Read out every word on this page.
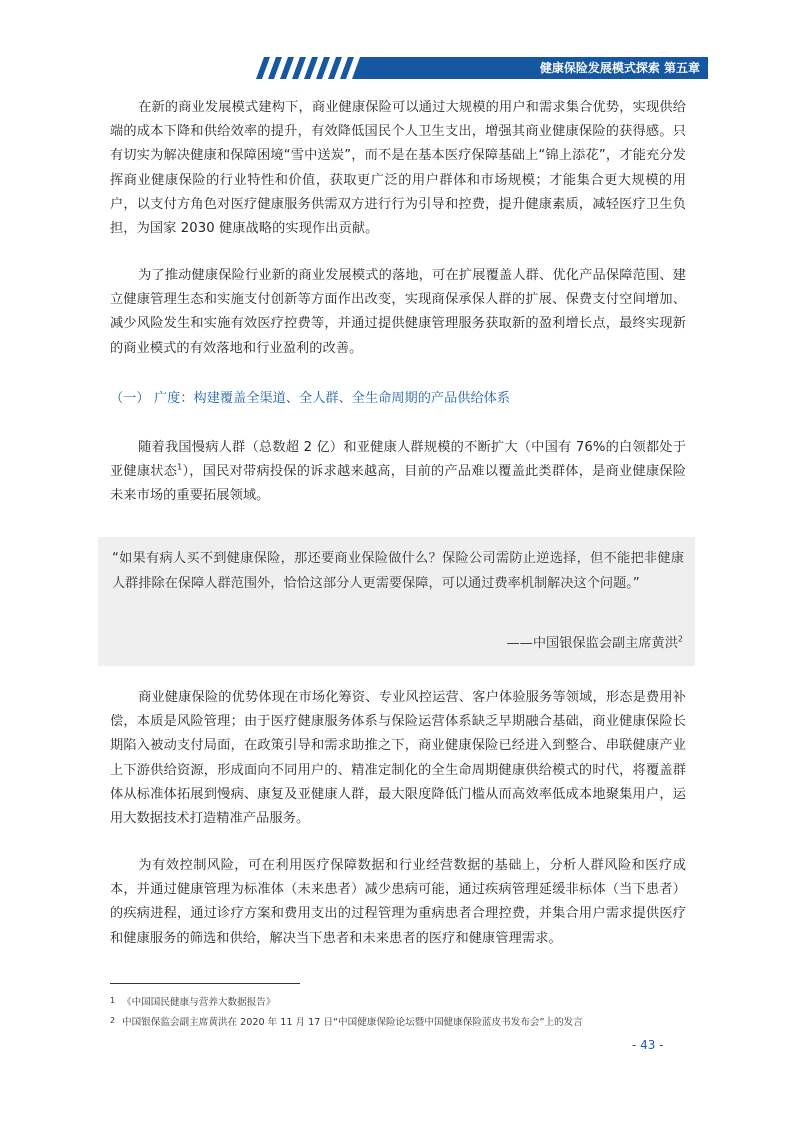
健康保险发展模式探索 第五章

在新的商业发展模式建构下，商业健康保险可以通过大规模的用户和需求集合优势，实现供给端的成本下降和供给效率的提升，有效降低国民个人卫生支出，增强其商业健康保险的获得感。只有切实为解决健康和保障困境“雪中送炭”，而不是在基本医疗保障基础上“锦上添花”，才能充分发挥商业健康保险的行业特性和价值，获取更广泛的用户群体和市场规模；才能集合更大规模的用户，以支付方角色对医疗健康服务供需双方进行行为引导和控费，提升健康素质，减轻医疗卫生负担，为国家 2030 健康战略的实现作出贡献。

为了推动健康保险行业新的商业发展模式的落地，可在扩展覆盖人群、优化产品保障范围、建立健康管理生态和实施支付创新等方面作出改变，实现商保承保人群的扩展、保费支付空间增加、减少风险发生和实施有效医疗控费等，并通过提供健康管理服务获取新的盈利增长点，最终实现新的商业模式的有效落地和行业盈利的改善。

（一） 广度：构建覆盖全渠道、全人群、全生命周期的产品供给体系

随着我国慢病人群（总数超 2 亿）和亚健康人群规模的不断扩大（中国有 76%的白领都处于亚健康状态$^1$），国民对带病投保的诉求越来越高，目前的产品难以覆盖此类群体，是商业健康保险未来市场的重要拓展领域。

“如果有病人买不到健康保险，那还要商业保险做什么？保险公司需防止逆选择，但不能把非健康人群排除在保障人群范围外，恰恰这部分人更需要保障，可以通过费率机制解决这个问题。”

——中国银保监会副主席黄洪$^2$

商业健康保险的优势体现在市场化筹资、专业风控运营、客户体验服务等领域，形态是费用补偿，本质是风险管理；由于医疗健康服务体系与保险运营体系缺乏早期融合基础，商业健康保险长期陷入被动支付局面，在政策引导和需求助推之下，商业健康保险已经进入到整合、串联健康产业上下游供给资源，形成面向不同用户的、精准定制化的全生命周期健康供给模式的时代，将覆盖群体从标准体拓展到慢病、康复及亚健康人群，最大限度降低门槛从而高效率低成本地聚集用户，运用大数据技术打造精准产品服务。

为有效控制风险，可在利用医疗保障数据和行业经营数据的基础上，分析人群风险和医疗成本，并通过健康管理为标准体（未来患者）减少患病可能，通过疾病管理延缓非标体（当下患者）的疾病进程，通过诊疗方案和费用支出的过程管理为重病患者合理控费，并集合用户需求提供医疗和健康服务的筛选和供给，解决当下患者和未来患者的医疗和健康管理需求。

1 《中国国民健康与营养大数据报告》

2 中国银保监会副主席黄洪在 2020 年 11 月 17 日“中国健康保险论坛暨中国健康保险蓝皮书发布会”上的发言

- 43 -
